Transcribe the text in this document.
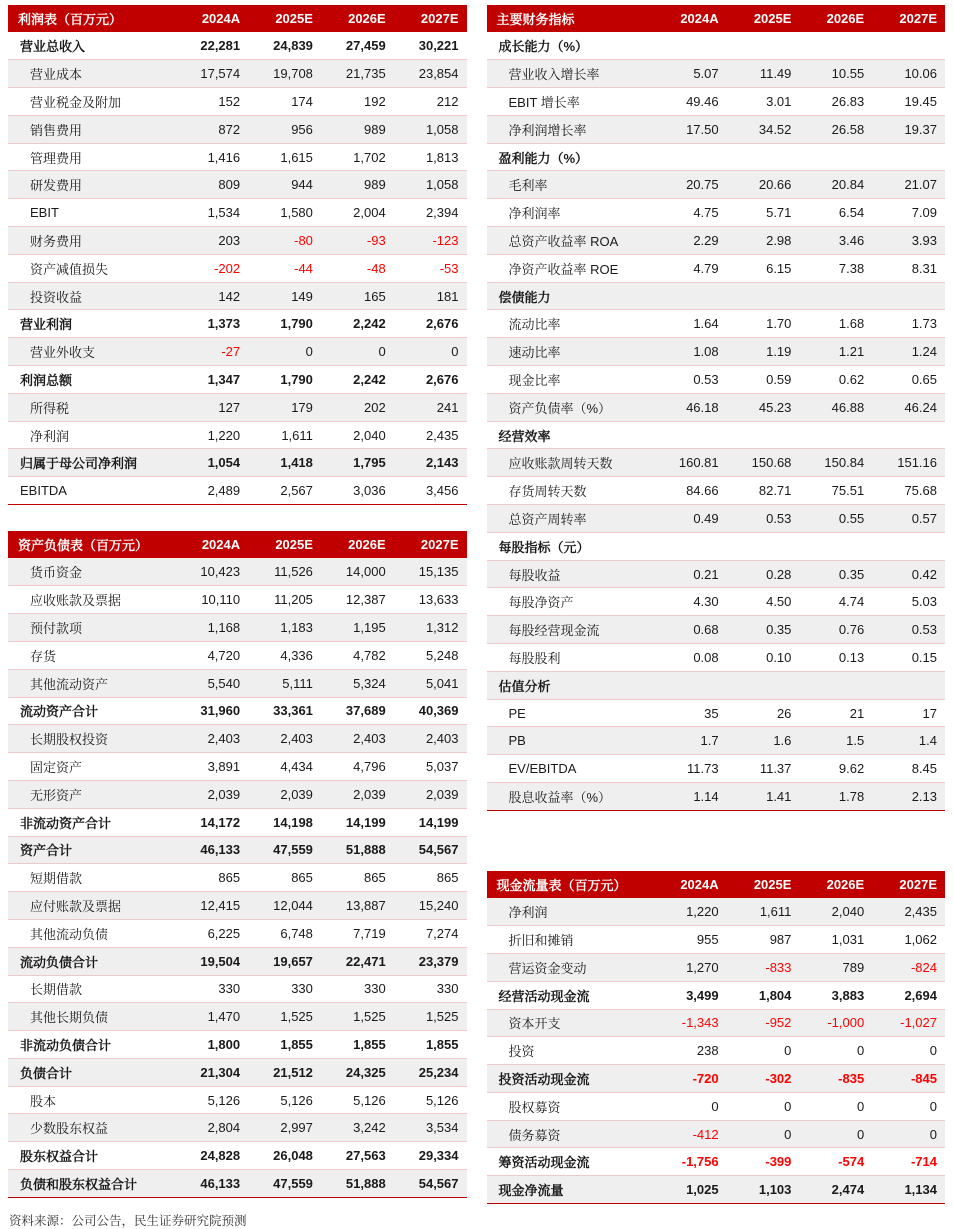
利润表（百万元）	2024A	2025E	2026E	2027E
营业总收入	22,281	24,839	27,459	30,221
营业成本	17,574	19,708	21,735	23,854
营业税金及附加	152	174	192	212
销售费用	872	956	989	1,058
管理费用	1,416	1,615	1,702	1,813
研发费用	809	944	989	1,058
EBIT	1,534	1,580	2,004	2,394
财务费用	203	-80	-93	-123
资产减值损失	-202	-44	-48	-53
投资收益	142	149	165	181
营业利润	1,373	1,790	2,242	2,676
营业外收支	-27	0	0	0
利润总额	1,347	1,790	2,242	2,676
所得税	127	179	202	241
净利润	1,220	1,611	2,040	2,435
归属于母公司净利润	1,054	1,418	1,795	2,143
EBITDA	2,489	2,567	3,036	3,456
资产负债表（百万元）	2024A	2025E	2026E	2027E
货币资金	10,423	11,526	14,000	15,135
应收账款及票据	10,110	11,205	12,387	13,633
预付款项	1,168	1,183	1,195	1,312
存货	4,720	4,336	4,782	5,248
其他流动资产	5,540	5,111	5,324	5,041
流动资产合计	31,960	33,361	37,689	40,369
长期股权投资	2,403	2,403	2,403	2,403
固定资产	3,891	4,434	4,796	5,037
无形资产	2,039	2,039	2,039	2,039
非流动资产合计	14,172	14,198	14,199	14,199
资产合计	46,133	47,559	51,888	54,567
短期借款	865	865	865	865
应付账款及票据	12,415	12,044	13,887	15,240
其他流动负债	6,225	6,748	7,719	7,274
流动负债合计	19,504	19,657	22,471	23,379
长期借款	330	330	330	330
其他长期负债	1,470	1,525	1,525	1,525
非流动负债合计	1,800	1,855	1,855	1,855
负债合计	21,304	21,512	24,325	25,234
股本	5,126	5,126	5,126	5,126
少数股东权益	2,804	2,997	3,242	3,534
股东权益合计	24,828	26,048	27,563	29,334
负债和股东权益合计	46,133	47,559	51,888	54,567
主要财务指标	2024A	2025E	2026E	2027E
成长能力（%）				
营业收入增长率	5.07	11.49	10.55	10.06
EBIT 增长率	49.46	3.01	26.83	19.45
净利润增长率	17.50	34.52	26.58	19.37
盈利能力（%）				
毛利率	20.75	20.66	20.84	21.07
净利润率	4.75	5.71	6.54	7.09
总资产收益率 ROA	2.29	2.98	3.46	3.93
净资产收益率 ROE	4.79	6.15	7.38	8.31
偿债能力				
流动比率	1.64	1.70	1.68	1.73
速动比率	1.08	1.19	1.21	1.24
现金比率	0.53	0.59	0.62	0.65
资产负债率（%）	46.18	45.23	46.88	46.24
经营效率				
应收账款周转天数	160.81	150.68	150.84	151.16
存货周转天数	84.66	82.71	75.51	75.68
总资产周转率	0.49	0.53	0.55	0.57
每股指标（元）				
每股收益	0.21	0.28	0.35	0.42
每股净资产	4.30	4.50	4.74	5.03
每股经营现金流	0.68	0.35	0.76	0.53
每股股利	0.08	0.10	0.13	0.15
估值分析				
PE	35	26	21	17
PB	1.7	1.6	1.5	1.4
EV/EBITDA	11.73	11.37	9.62	8.45
股息收益率（%）	1.14	1.41	1.78	2.13
现金流量表（百万元）	2024A	2025E	2026E	2027E
净利润	1,220	1,611	2,040	2,435
折旧和摊销	955	987	1,031	1,062
营运资金变动	1,270	-833	789	-824
经营活动现金流	3,499	1,804	3,883	2,694
资本开支	-1,343	-952	-1,000	-1,027
投资	238	0	0	0
投资活动现金流	-720	-302	-835	-845
股权募资	0	0	0	0
债务募资	-412	0	0	0
筹资活动现金流	-1,756	-399	-574	-714
现金净流量	1,025	1,103	2,474	1,134
资料来源：公司公告，民生证券研究院预测
